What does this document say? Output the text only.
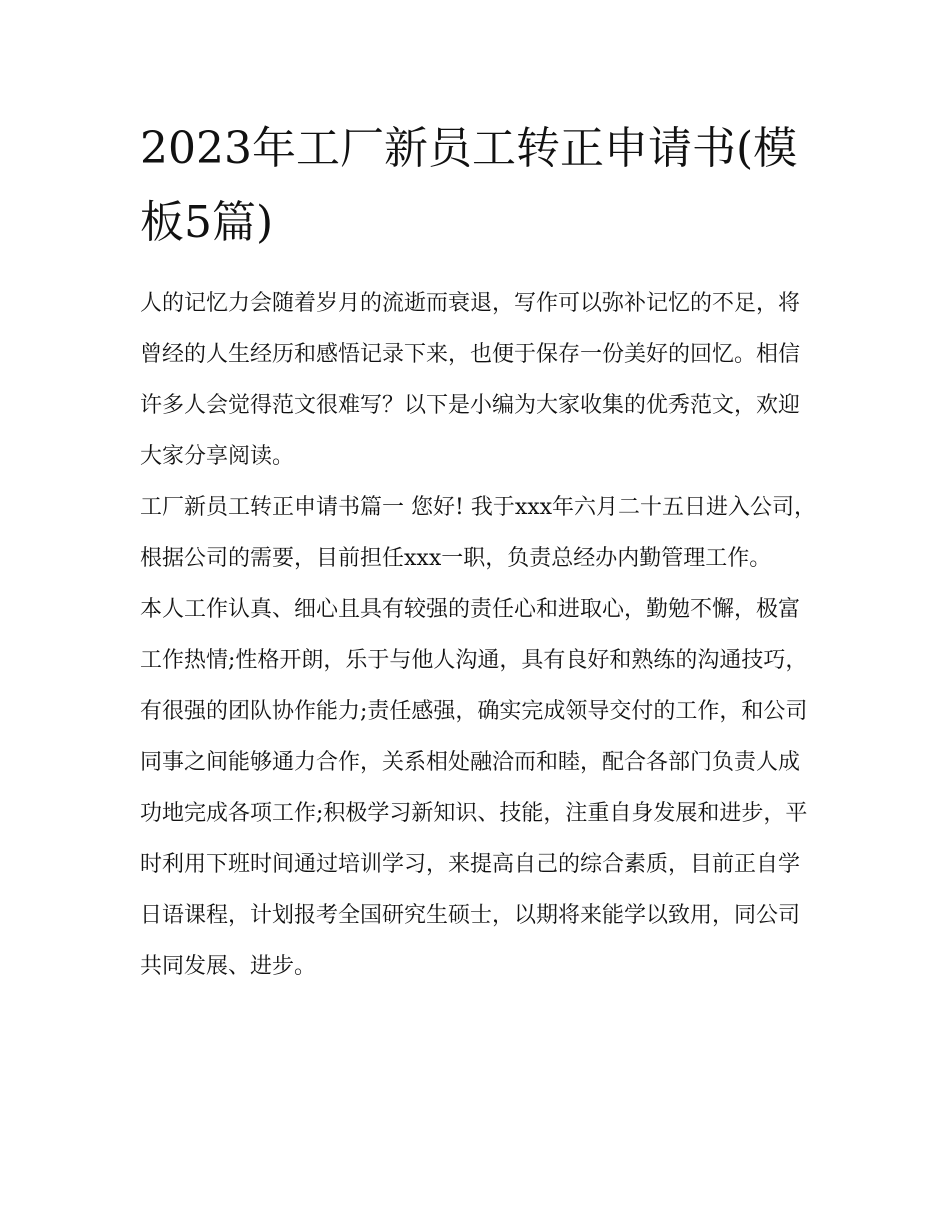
2023年工厂新员工转正申请书(模板5篇)

人的记忆力会随着岁月的流逝而衰退，写作可以弥补记忆的不足，将曾经的人生经历和感悟记录下来，也便于保存一份美好的回忆。相信许多人会觉得范文很难写？以下是小编为大家收集的优秀范文，欢迎大家分享阅读。

工厂新员工转正申请书篇一 您好! 我于xxx年六月二十五日进入公司，根据公司的需要，目前担任xxx一职，负责总经办内勤管理工作。

本人工作认真、细心且具有较强的责任心和进取心，勤勉不懈，极富工作热情;性格开朗，乐于与他人沟通，具有良好和熟练的沟通技巧，有很强的团队协作能力;责任感强，确实完成领导交付的工作，和公司同事之间能够通力合作，关系相处融洽而和睦，配合各部门负责人成功地完成各项工作;积极学习新知识、技能，注重自身发展和进步，平时利用下班时间通过培训学习，来提高自己的综合素质，目前正自学日语课程，计划报考全国研究生硕士，以期将来能学以致用，同公司共同发展、进步。
